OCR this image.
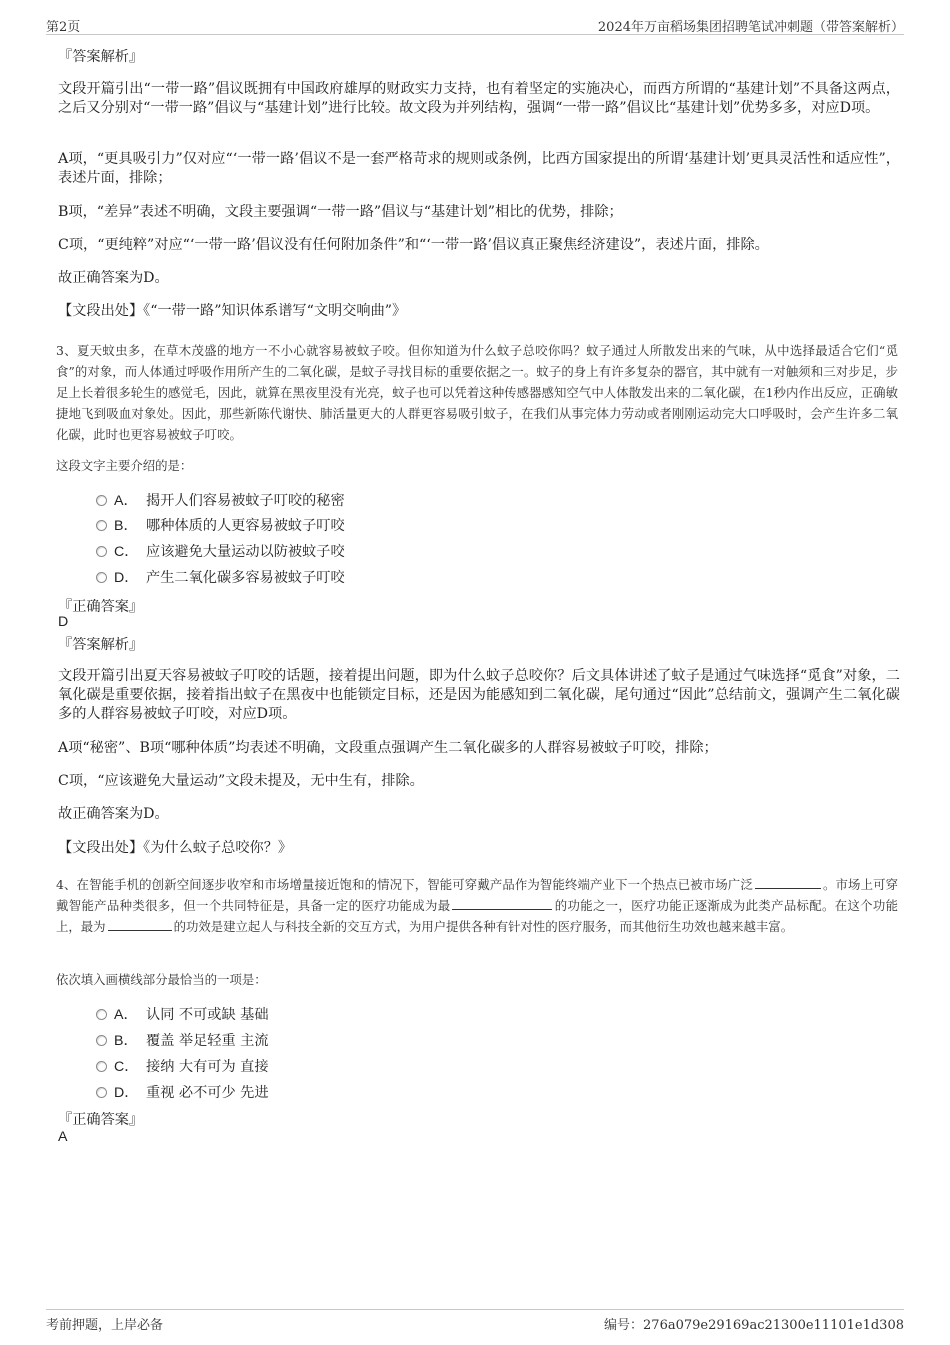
第2页	2024年万亩稻场集团招聘笔试冲刺题（带答案解析）
『答案解析』
文段开篇引出“一带一路”倡议既拥有中国政府雄厚的财政实力支持，也有着坚定的实施决心，而西方所谓的“基建计划”不具备这两点，之后又分别对“一带一路”倡议与“基建计划”进行比较。故文段为并列结构，强调“一带一路”倡议比“基建计划”优势多多，对应D项。
A项，“更具吸引力”仅对应“‘一带一路’倡议不是一套严格苛求的规则或条例，比西方国家提出的所谓‘基建计划’更具灵活性和适应性”，表述片面，排除；
B项，“差异”表述不明确，文段主要强调“一带一路”倡议与“基建计划”相比的优势，排除；
C项，“更纯粹”对应“‘一带一路’倡议没有任何附加条件”和“‘一带一路’倡议真正聚焦经济建设”，表述片面，排除。
故正确答案为D。
【文段出处】《“一带一路”知识体系谱写“文明交响曲”》
3、夏天蚊虫多，在草木茂盛的地方一不小心就容易被蚊子咬。但你知道为什么蚊子总咬你吗？蚊子通过人所散发出来的气味，从中选择最适合它们“觅食”的对象，而人体通过呼吸作用所产生的二氧化碳，是蚊子寻找目标的重要依据之一。蚊子的身上有许多复杂的器官，其中就有一对触须和三对步足，步足上长着很多轮生的感觉毛，因此，就算在黑夜里没有光亮，蚊子也可以凭着这种传感器感知空气中人体散发出来的二氧化碳，在1秒内作出反应，正确敏捷地飞到吸血对象处。因此，那些新陈代谢快、肺活量更大的人群更容易吸引蚊子，在我们从事完体力劳动或者刚刚运动完大口呼吸时，会产生许多二氧化碳，此时也更容易被蚊子叮咬。
这段文字主要介绍的是：
A． 揭开人们容易被蚊子叮咬的秘密
B． 哪种体质的人更容易被蚊子叮咬
C． 应该避免大量运动以防被蚊子咬
D． 产生二氧化碳多容易被蚊子叮咬
『正确答案』
D
『答案解析』
文段开篇引出夏天容易被蚊子叮咬的话题，接着提出问题，即为什么蚊子总咬你？后文具体讲述了蚊子是通过气味选择“觅食”对象，二氧化碳是重要依据，接着指出蚊子在黑夜中也能锁定目标，还是因为能感知到二氧化碳，尾句通过“因此”总结前文，强调产生二氧化碳多的人群容易被蚊子叮咬，对应D项。
A项“秘密”、B项“哪种体质”均表述不明确，文段重点强调产生二氧化碳多的人群容易被蚊子叮咬，排除；
C项，“应该避免大量运动”文段未提及，无中生有，排除。
故正确答案为D。
【文段出处】《为什么蚊子总咬你？》
4、在智能手机的创新空间逐步收窄和市场增量接近饱和的情况下，智能可穿戴产品作为智能终端产业下一个热点已被市场广泛	。市场上可穿戴智能产品种类很多，但一个共同特征是，具备一定的医疗功能成为最	的功能之一，医疗功能正逐渐成为此类产品标配。在这个功能上，最为	的功效是建立起人与科技全新的交互方式，为用户提供各种有针对性的医疗服务，而其他衍生功效也越来越丰富。
依次填入画横线部分最恰当的一项是：
A． 认同 不可或缺 基础
B． 覆盖 举足轻重 主流
C． 接纳 大有可为 直接
D． 重视 必不可少 先进
『正确答案』
A
考前押题，上岸必备	编号：276a079e29169ac21300e11101e1d308
